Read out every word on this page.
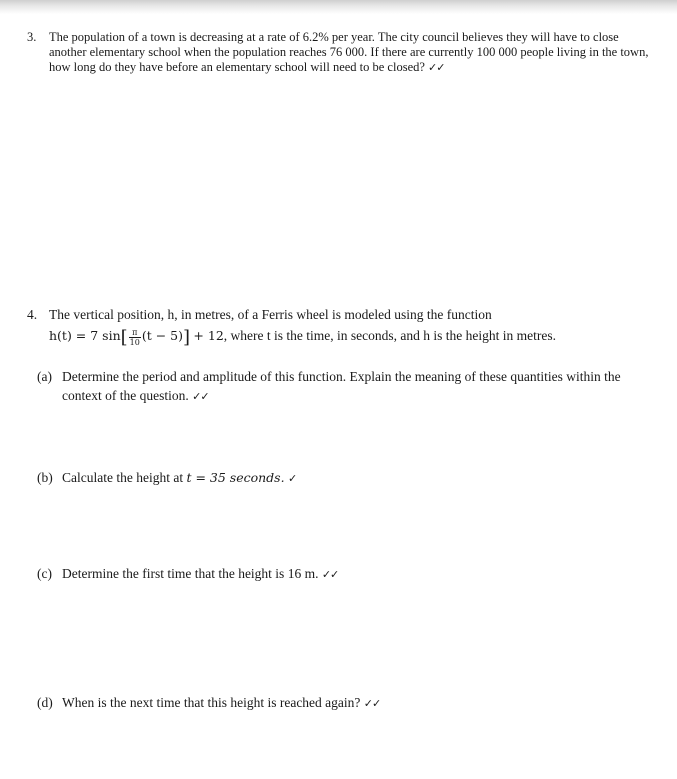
3. The population of a town is decreasing at a rate of 6.2% per year. The city council believes they will have to close another elementary school when the population reaches 76 000. If there are currently 100 000 people living in the town, how long do they have before an elementary school will need to be closed? ✓✓
4. The vertical position, h, in metres, of a Ferris wheel is modeled using the function
h(t) = 7 $\sin[ \frac{\pi}{10} (t - 5)] + 12$, where t is the time, in seconds, and h is the height in metres.
(a) Determine the period and amplitude of this function. Explain the meaning of these quantities within the context of the question. ✓✓
(b) Calculate the height at t = 35 seconds. ✓
(c) Determine the first time that the height is 16 m. ✓✓
(d) When is the next time that this height is reached again? ✓✓
